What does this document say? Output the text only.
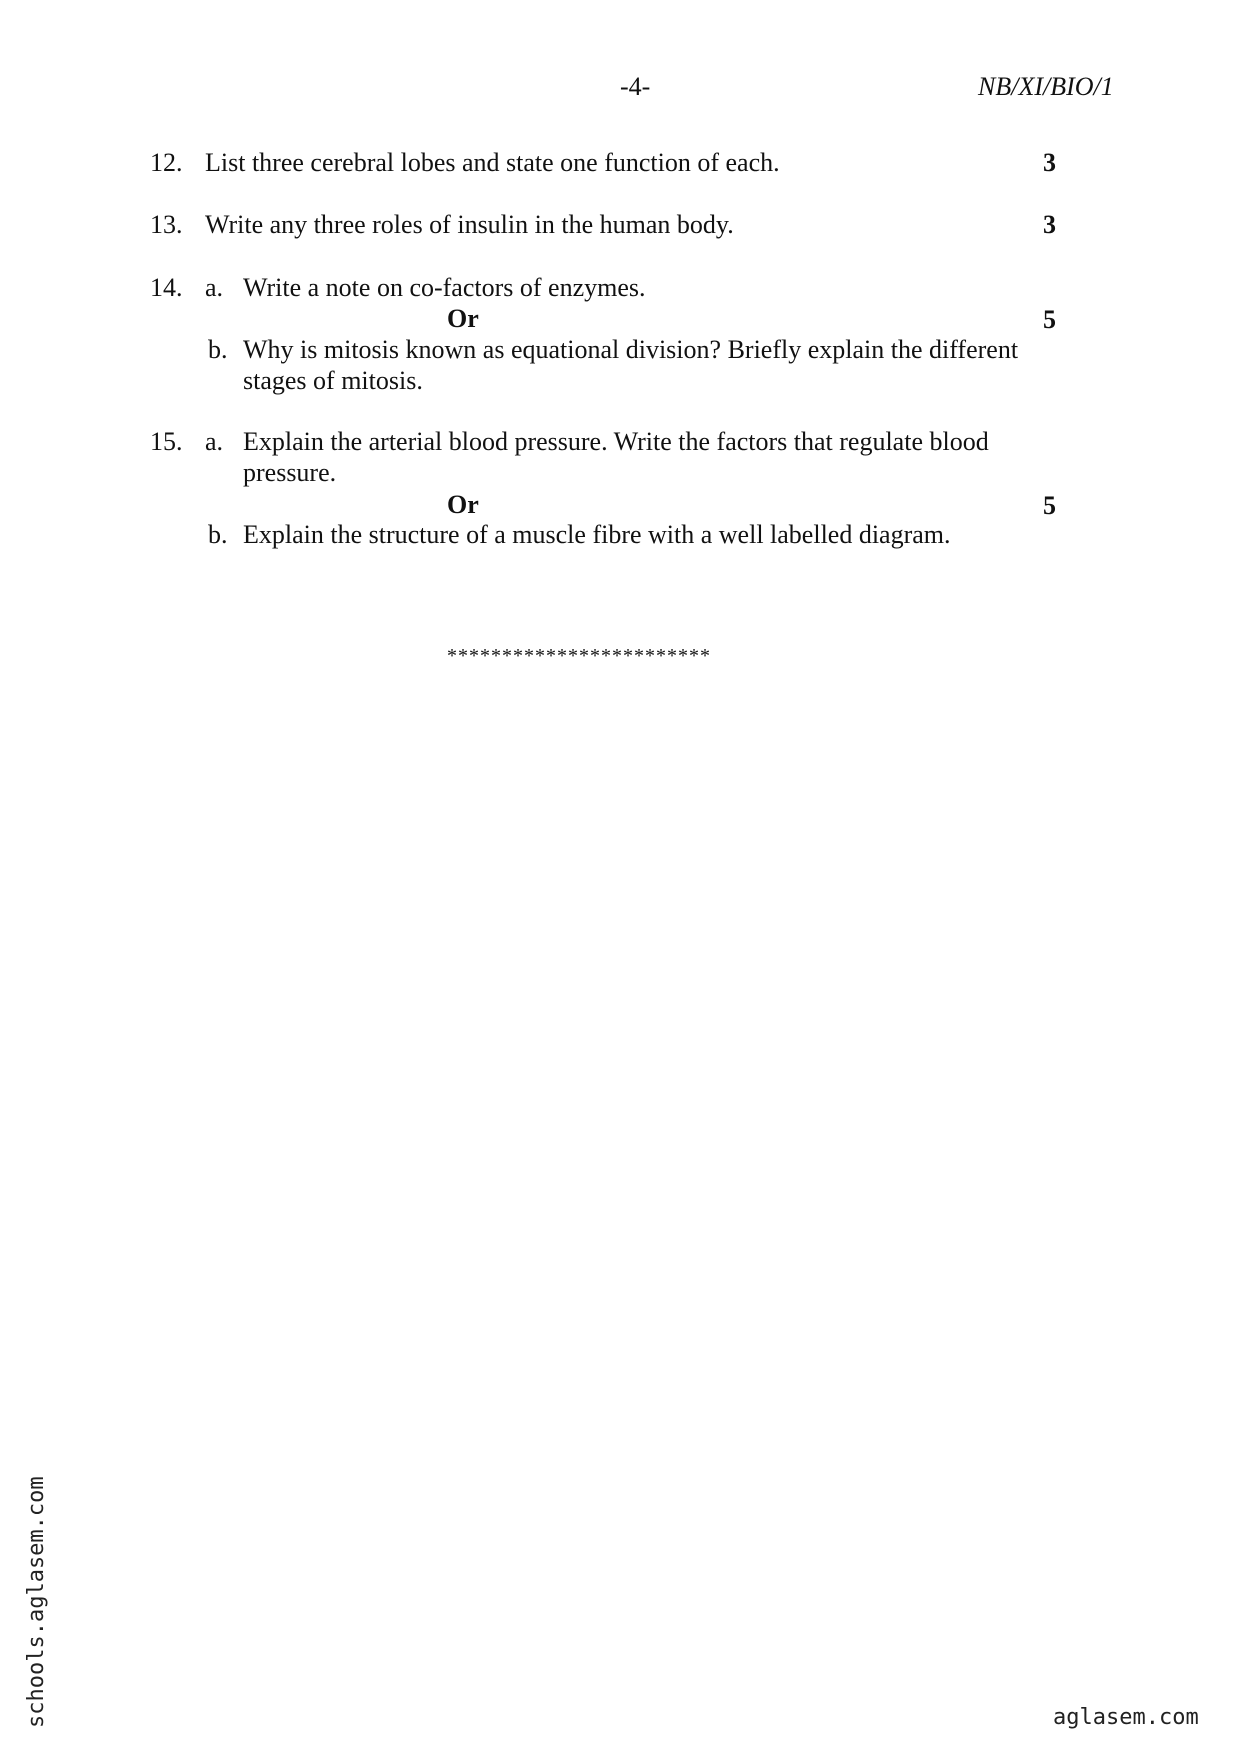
-4-	NB/XI/BIO/1
12. List three cerebral lobes and state one function of each.	3
13. Write any three roles of insulin in the human body.	3
14. a. Write a note on co-factors of enzymes.
Or	5
b. Why is mitosis known as equational division? Briefly explain the different
stages of mitosis.
15. a. Explain the arterial blood pressure. Write the factors that regulate blood
pressure.
Or	5
b. Explain the structure of a muscle fibre with a well labelled diagram.
************************
schools.aglasem.com	aglasem.com
